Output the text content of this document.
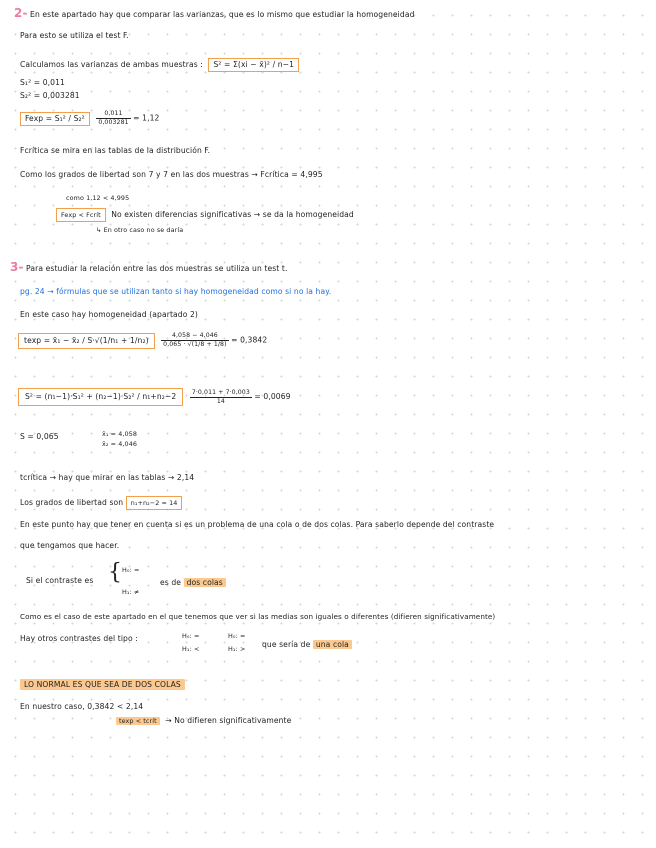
2- En este apartado hay que comparar las varianzas, que es lo mismo que estudiar la homogeneidad
Para esto se utiliza el test F.
Calculamos las varianzas de ambas muestras : S² = Σ(xi − x̄)² / n−1
S₁² = 0,011
S₂² = 0,003281
$Fexp = S_1^2 / S_2^2 \frac{0,011}{0,003281} = 1,12$
Fcrítica se mira en las tablas de la distribución F.
Como los grados de libertad son 7 y 7 en las dos muestras → Fcrítica = 4,995
como 1,12 < 4,995
Fexp < Fcrít No existen diferencias significativas → se da la homogeneidad
↳ En otro caso no se daría
3- Para estudiar la relación entre las dos muestras se utiliza un test t.
pg. 24 → fórmulas que se utilizan tanto si hay homogeneidad como si no la hay.
En este caso hay homogeneidad (apartado 2)
texp = x̄₁ − x̄₂ / $S\cdot√(1/n_1 + 1/n_2) \frac{4,058 - 4,046}{0,065 \cdot √(1/8 + 1/8)} = 0,3842$
$S^2 = (n_1-1)\cdot S_1^2 + (n_2-1)\cdot S_2^2 / n_1+n_2-2 \frac{7\cdot 0,011 + 7\cdot 0,003}{14} = 0,0069$
S = 0,065	x̄₁ = 4,058
x̄₂ = 4,046
tcrítica → hay que mirar en las tablas → 2,14
Los grados de libertad son n₁+n₂−2 = 14
En este punto hay que tener en cuenta si es un problema de una cola o de dos colas. Para saberlo depende del contraste
que tengamos que hacer.
Si el contraste es { H₀: =
H₁: ≠
es de dos colas
Como es el caso de este apartado en el que tenemos que ver si las medias son iguales o diferentes (difieren significativamente)
Hay otros contrastes del tipo :	H₀: =
H₁: <
H₀: =
H₁: > que sería de una cola
LO NORMAL ES QUE SEA DE DOS COLAS
En nuestro caso, 0,3842 < 2,14
texp < tcrít → No difieren significativamente
